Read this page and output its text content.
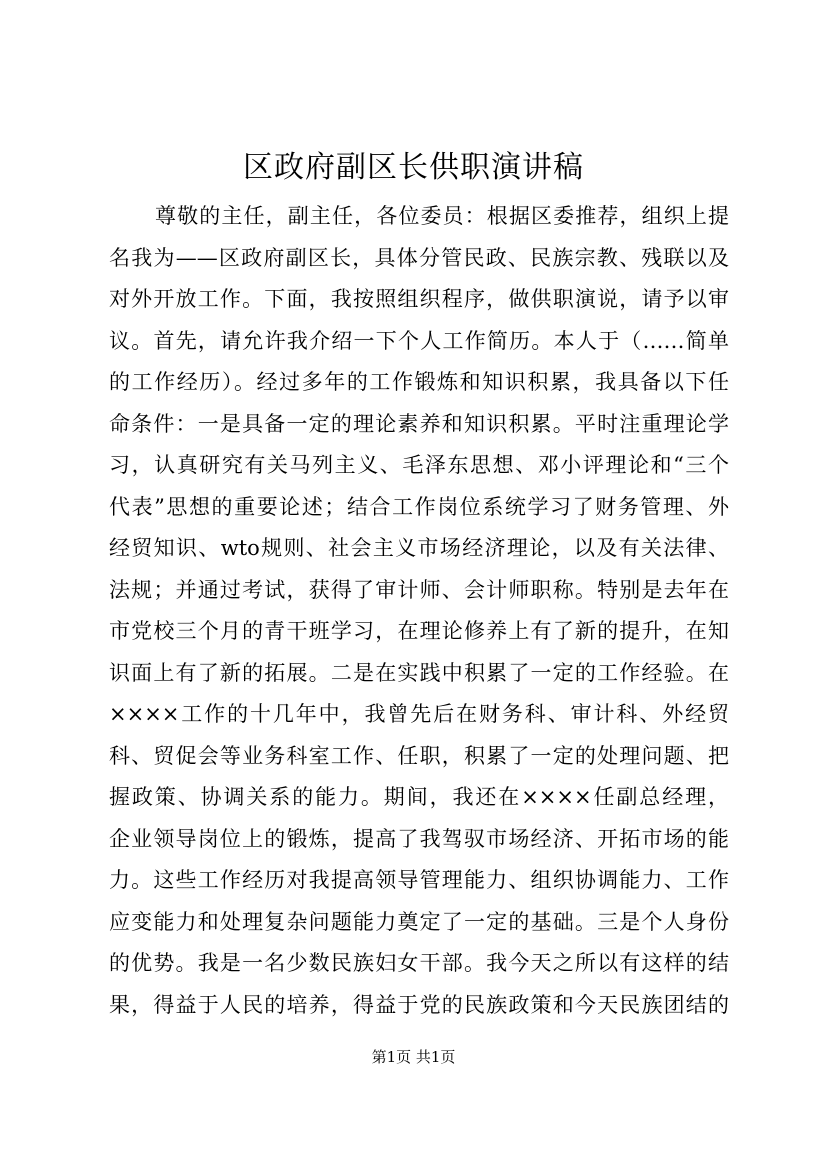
区政府副区长供职演讲稿
尊敬的主任，副主任，各位委员：根据区委推荐，组织上提
名我为——区政府副区长，具体分管民政、民族宗教、残联以及
对外开放工作。下面，我按照组织程序，做供职演说，请予以审
议。首先，请允许我介绍一下个人工作简历。本人于（……简单
的工作经历）。经过多年的工作锻炼和知识积累，我具备以下任
命条件：一是具备一定的理论素养和知识积累。平时注重理论学
习，认真研究有关马列主义、毛泽东思想、邓小评理论和“三个
代表”思想的重要论述；结合工作岗位系统学习了财务管理、外
经贸知识、wto规则、社会主义市场经济理论，以及有关法律、
法规；并通过考试，获得了审计师、会计师职称。特别是去年在
市党校三个月的青干班学习，在理论修养上有了新的提升，在知
识面上有了新的拓展。二是在实践中积累了一定的工作经验。在
××××工作的十几年中，我曾先后在财务科、审计科、外经贸
科、贸促会等业务科室工作、任职，积累了一定的处理问题、把
握政策、协调关系的能力。期间，我还在××××任副总经理，
企业领导岗位上的锻炼，提高了我驾驭市场经济、开拓市场的能
力。这些工作经历对我提高领导管理能力、组织协调能力、工作
应变能力和处理复杂问题能力奠定了一定的基础。三是个人身份
的优势。我是一名少数民族妇女干部。我今天之所以有这样的结
果，得益于人民的培养，得益于党的民族政策和今天民族团结的
第1页 共1页
